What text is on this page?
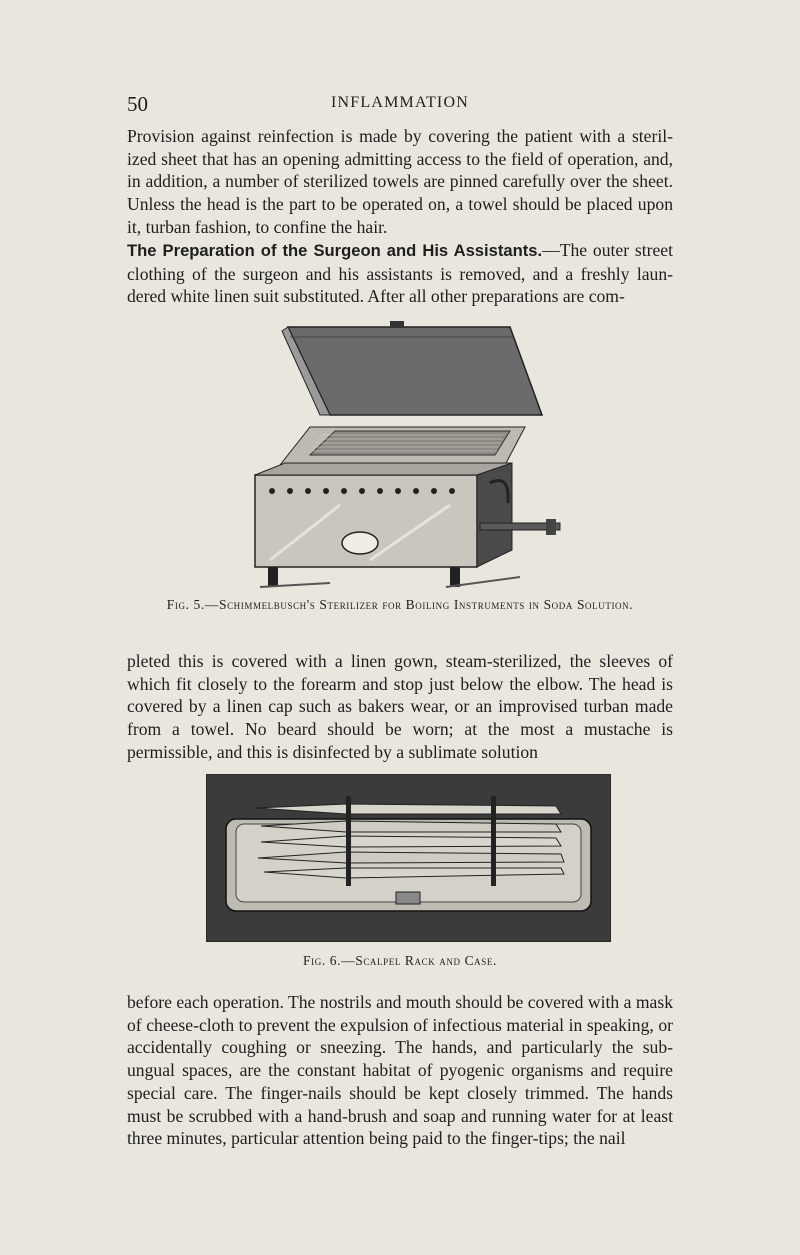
50	INFLAMMATION

Provision against reinfection is made by covering the patient with a steril-ized sheet that has an opening admitting access to the field of operation, and, in addition, a number of sterilized towels are pinned carefully over the sheet. Unless the head is the part to be operated on, a towel should be placed upon it, turban fashion, to confine the hair.

The Preparation of the Surgeon and His Assistants.—The outer street clothing of the surgeon and his assistants is removed, and a freshly laun-dered white linen suit substituted. After all other preparations are com-

Fig. 5.—Schimmelbusch's Sterilizer for Boiling Instruments in Soda Solution.

pleted this is covered with a linen gown, steam-sterilized, the sleeves of which fit closely to the forearm and stop just below the elbow. The head is covered by a linen cap such as bakers wear, or an improvised turban made from a towel. No beard should be worn; at the most a mustache is permissible, and this is disinfected by a sublimate solution

Fig. 6.—Scalpel Rack and Case.

before each operation. The nostrils and mouth should be covered with a mask of cheese-cloth to prevent the expulsion of infectious material in speaking, or accidentally coughing or sneezing. The hands, and particularly the sub-ungual spaces, are the constant habitat of pyogenic organisms and require special care. The finger-nails should be kept closely trimmed. The hands must be scrubbed with a hand-brush and soap and running water for at least three minutes, particular attention being paid to the finger-tips; the nail
